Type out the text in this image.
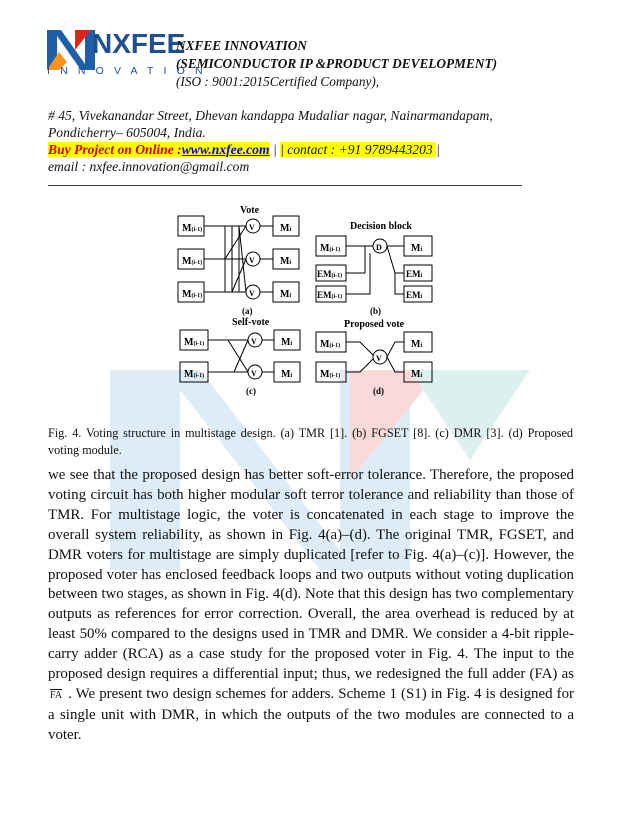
NXFEE
INNOVATION
NXFEE INNOVATION
(SEMICONDUCTOR IP &PRODUCT DEVELOPMENT)
(ISO : 9001:2015Certified Company),
# 45, Vivekanandar Street, Dhevan kandappa Mudaliar nagar, Nainarmandapam,
Pondicherry– 605004, India.
Buy Project on Online :www.nxfee.com | | contact : +91 9789443203 |
email : nxfee.innovation@gmail.com
Vote
M(i-1)
M(i-1)
M(i-1)
V
V
V
Mi
Mi
Mi
(a)
Decision block
M(i-1)
EM(i-1)
EM(i-1)
D	Mi
EMi
EMi
(b)
Self-vote
M(i-1)
M(i-1)
V
V
Mi
Mi
(c)
Proposed vote
M(i-1)
M(i-1)
V
Mi
Mi
(d)
Fig. 4. Voting structure in multistage design. (a) TMR [1]. (b) FGSET [8]. (c) DMR [3]. (d) Proposed voting module.
we see that the proposed design has better soft-error tolerance. Therefore, the proposed voting circuit has both higher modular soft terror tolerance and reliability than those of TMR. For multistage logic, the voter is concatenated in each stage to improve the overall system reliability, as shown in Fig. 4(a)–(d). The original TMR, FGSET, and DMR voters for multistage are simply duplicated [refer to Fig. 4(a)–(c)]. However, the proposed voter has enclosed feedback loops and two outputs without voting duplication between two stages, as shown in Fig. 4(d). Note that this design has two complementary outputs as references for error correction. Overall, the area overhead is reduced by at least 50% compared to the designs used in TMR and DMR. We consider a 4-bit ripple-carry adder (RCA) as a case study for the proposed voter in Fig. 4. The input to the proposed design requires a differential input; thus, we redesigned the full adder (FA) as $\overline{FA}$ . We present two design schemes for adders. Scheme 1 (S1) in Fig. 4 is designed for a single unit with DMR, in which the outputs of the two modules are connected to a voter.
